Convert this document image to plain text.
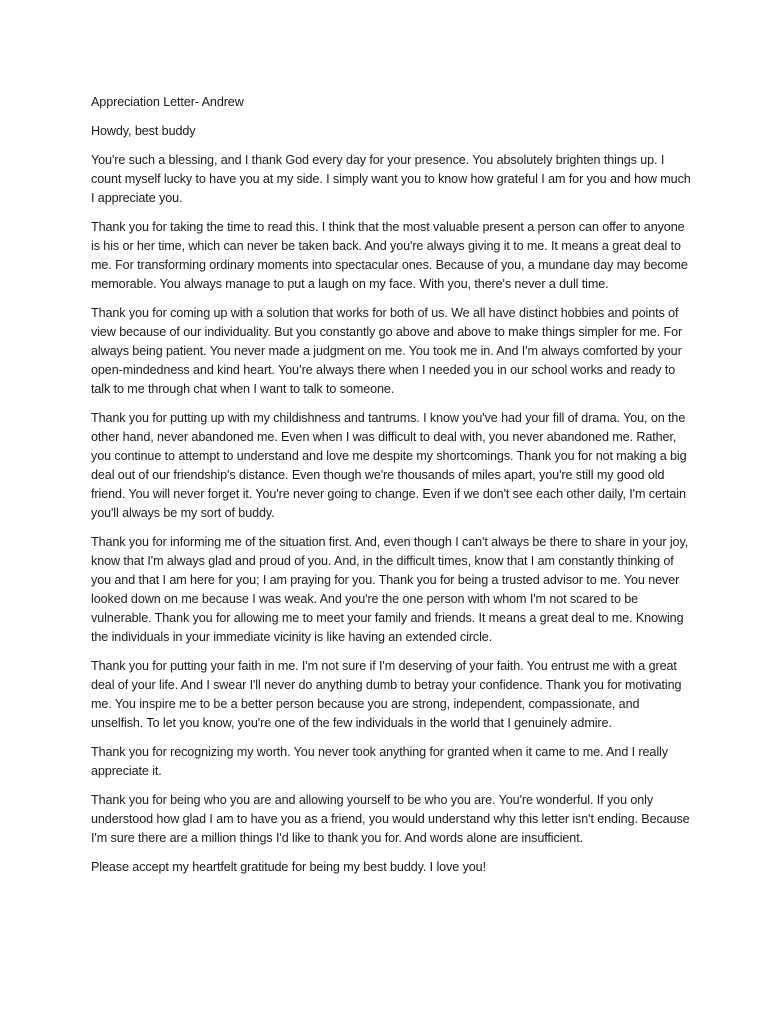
Appreciation Letter- Andrew

Howdy, best buddy

You're such a blessing, and I thank God every day for your presence. You absolutely brighten things up. I count myself lucky to have you at my side. I simply want you to know how grateful I am for you and how much I appreciate you.

Thank you for taking the time to read this. I think that the most valuable present a person can offer to anyone is his or her time, which can never be taken back. And you're always giving it to me. It means a great deal to me. For transforming ordinary moments into spectacular ones. Because of you, a mundane day may become memorable. You always manage to put a laugh on my face. With you, there's never a dull time.

Thank you for coming up with a solution that works for both of us. We all have distinct hobbies and points of view because of our individuality. But you constantly go above and above to make things simpler for me. For always being patient. You never made a judgment on me. You took me in. And I'm always comforted by your open-mindedness and kind heart. You’re always there when I needed you in our school works and ready to talk to me through chat when I want to talk to someone.

Thank you for putting up with my childishness and tantrums. I know you've had your fill of drama. You, on the other hand, never abandoned me. Even when I was difficult to deal with, you never abandoned me. Rather, you continue to attempt to understand and love me despite my shortcomings. Thank you for not making a big deal out of our friendship's distance. Even though we're thousands of miles apart, you're still my good old friend. You will never forget it. You're never going to change. Even if we don't see each other daily, I'm certain you'll always be my sort of buddy.

Thank you for informing me of the situation first. And, even though I can't always be there to share in your joy, know that I'm always glad and proud of you. And, in the difficult times, know that I am constantly thinking of you and that I am here for you; I am praying for you. Thank you for being a trusted advisor to me. You never looked down on me because I was weak. And you're the one person with whom I'm not scared to be vulnerable. Thank you for allowing me to meet your family and friends. It means a great deal to me. Knowing the individuals in your immediate vicinity is like having an extended circle.

Thank you for putting your faith in me. I'm not sure if I'm deserving of your faith. You entrust me with a great deal of your life. And I swear I'll never do anything dumb to betray your confidence. Thank you for motivating me. You inspire me to be a better person because you are strong, independent, compassionate, and unselfish. To let you know, you're one of the few individuals in the world that I genuinely admire.

Thank you for recognizing my worth. You never took anything for granted when it came to me. And I really appreciate it.

Thank you for being who you are and allowing yourself to be who you are. You're wonderful. If you only understood how glad I am to have you as a friend, you would understand why this letter isn't ending. Because I'm sure there are a million things I'd like to thank you for. And words alone are insufficient.

Please accept my heartfelt gratitude for being my best buddy. I love you!
